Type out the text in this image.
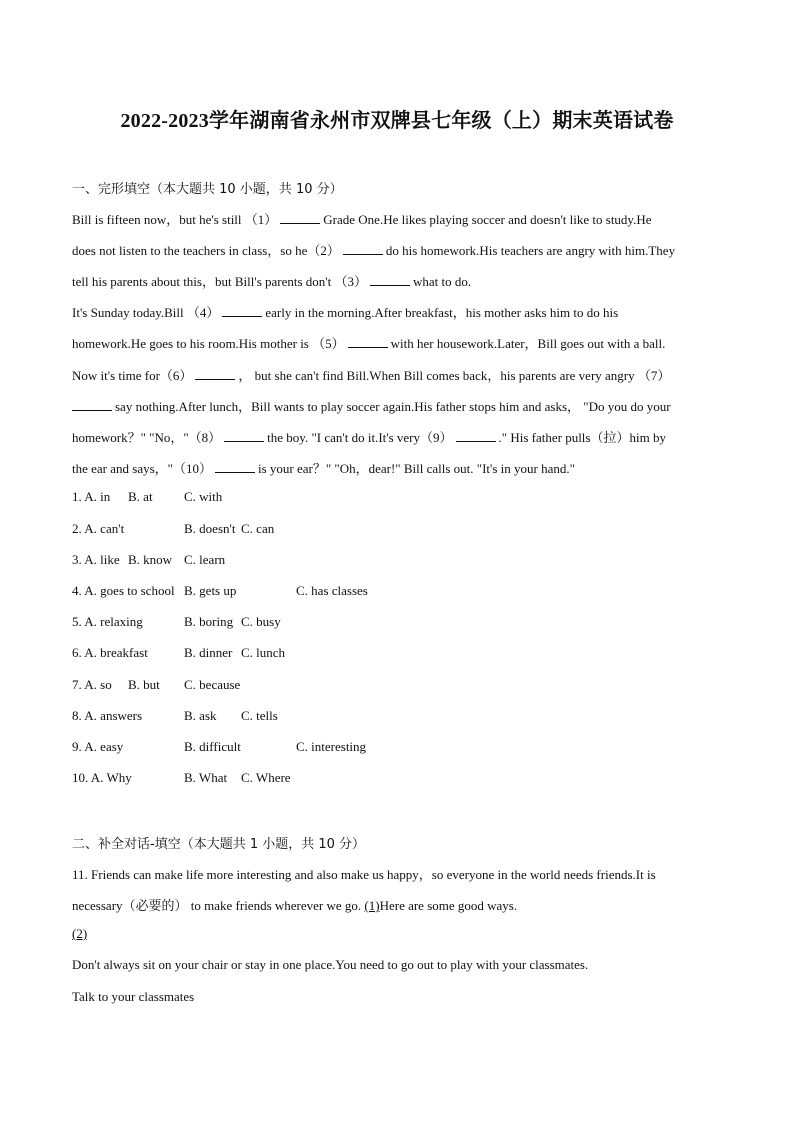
2022-2023学年湖南省永州市双牌县七年级（上）期末英语试卷
一、完形填空（本大题共 10 小题，共 10 分）
Bill is fifteen now，but he's still （1）	Grade One.He likes playing soccer and doesn't like to study.He
does not listen to the teachers in class，so he（2）	do his homework.His teachers are angry with him.They
tell his parents about this，but Bill's parents don't （3）	what to do.
It's Sunday today.Bill （4）	early in the morning.After breakfast，his mother asks him to do his
homework.He goes to his room.His mother is （5）	with her housework.Later，Bill goes out with a ball.
Now it's time for（6）	， but she can't find Bill.When Bill comes back，his parents are very angry （7）
say nothing.After lunch，Bill wants to play soccer again.His father stops him and asks， "Do you do your
homework？" "No，"（8）	the boy. "I can't do it.It's very（9）	." His father pulls（拉）him by
the ear and says，"（10）	is your ear？" "Oh，dear!" Bill calls out. "It's in your hand."
1. A. in B. at C. with
2. A. can't	B. doesn't C. can
3. A. like B. know C. learn
4. A. goes to school B. gets up	C. has classes
5. A. relaxing	B. boring C. busy
6. A. breakfast	B. dinner C. lunch
7. A. so B. but C. because
8. A. answers	B. ask C. tells
9. A. easy	B. difficult	C. interesting
10. A. Why	B. What C. Where
二、补全对话-填空（本大题共 1 小题，共 10 分）
11. Friends can make life more interesting and also make us happy，so everyone in the world needs friends.It is
necessary（必要的） to make friends wherever we go. (1)Here are some good ways.
(2)
Don't always sit on your chair or stay in one place.You need to go out to play with your classmates.
Talk to your classmates
